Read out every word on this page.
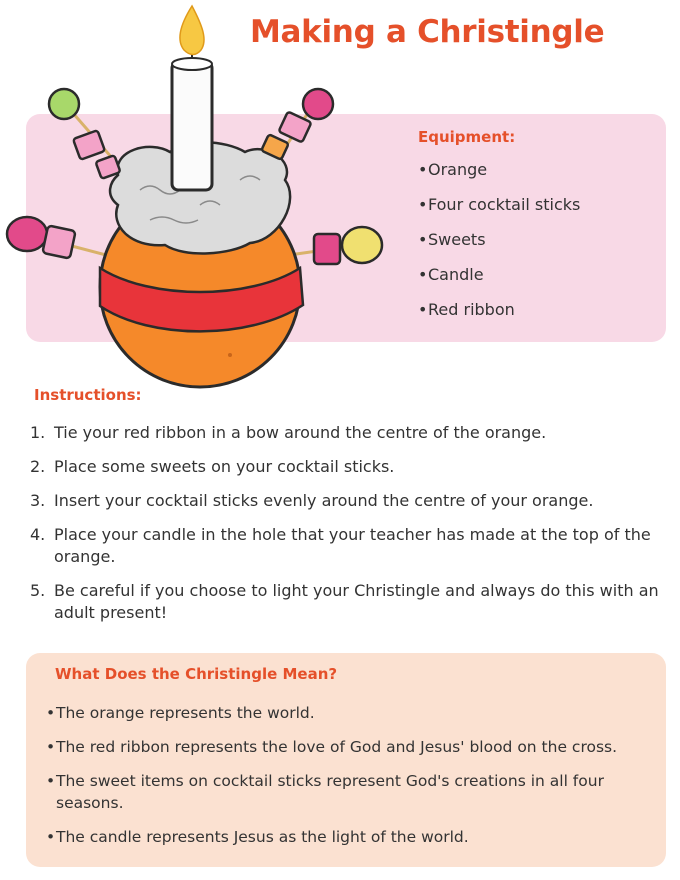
Making a Christingle
Equipment:
•Orange
•Four cocktail sticks
•Sweets
•Candle
•Red ribbon
Instructions:
1. Tie your red ribbon in a bow around the centre of the orange.
2. Place some sweets on your cocktail sticks.
3. Insert your cocktail sticks evenly around the centre of your orange.
4. Place your candle in the hole that your teacher has made at the top of the orange.
5. Be careful if you choose to light your Christingle and always do this with an adult present!
What Does the Christingle Mean?
• The orange represents the world.
• The red ribbon represents the love of God and Jesus' blood on the cross.
• The sweet items on cocktail sticks represent God's creations in all four seasons.
• The candle represents Jesus as the light of the world.
